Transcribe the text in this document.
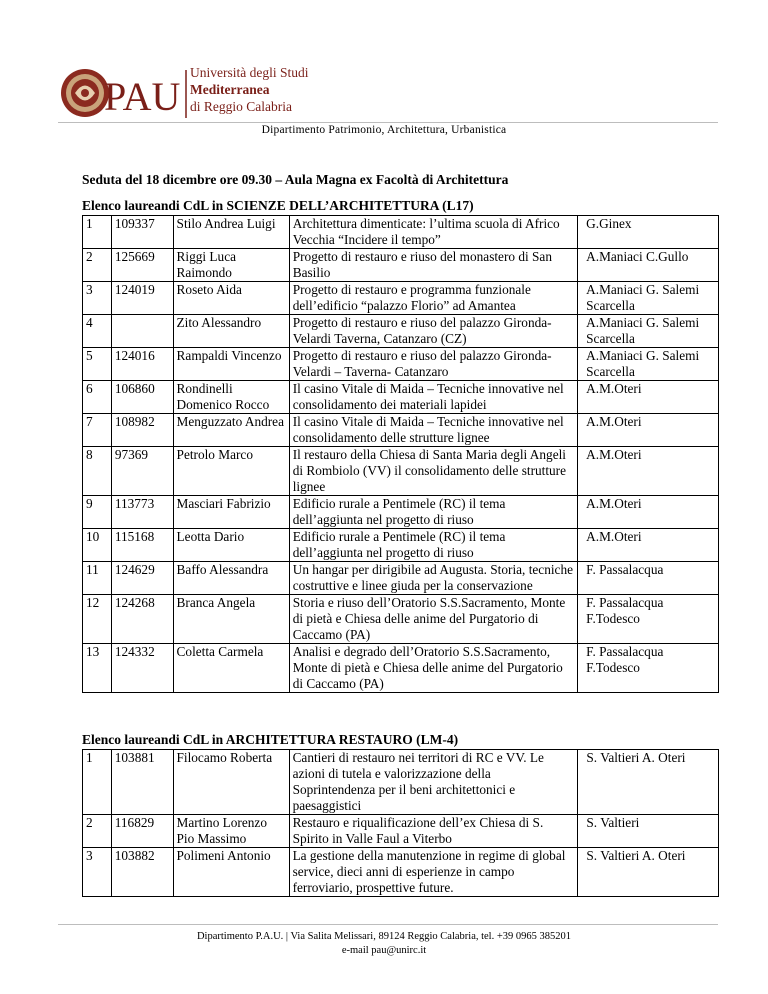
PAU
Università degli Studi
Mediterranea
di Reggio Calabria
Dipartimento Patrimonio, Architettura, Urbanistica
Seduta del 18 dicembre ore 09.30 – Aula Magna ex Facoltà di Architettura
Elenco laureandi CdL in SCIENZE DELL’ARCHITETTURA (L17)
1	109337	Stilo Andrea Luigi	Architettura dimenticate: l’ultima scuola di Africo Vecchia “Incidere il tempo”	G.Ginex
2	125669	Riggi Luca Raimondo	Progetto di restauro e riuso del monastero di San Basilio	A.Maniaci C.Gullo
3	124019	Roseto Aida	Progetto di restauro e programma funzionale dell’edificio “palazzo Florio” ad Amantea	A.Maniaci G. Salemi Scarcella
4		Zito Alessandro	Progetto di restauro e riuso del palazzo Gironda-Velardi Taverna, Catanzaro (CZ)	A.Maniaci G. Salemi Scarcella
5	124016	Rampaldi Vincenzo	Progetto di restauro e riuso del palazzo Gironda-Velardi – Taverna- Catanzaro	A.Maniaci G. Salemi Scarcella
6	106860	Rondinelli Domenico Rocco	Il casino Vitale di Maida – Tecniche innovative nel consolidamento dei materiali lapidei	A.M.Oteri
7	108982	Menguzzato Andrea	Il casino Vitale di Maida – Tecniche innovative nel consolidamento delle strutture lignee	A.M.Oteri
8	97369	Petrolo Marco	Il restauro della Chiesa di Santa Maria degli Angeli di Rombiolo (VV) il consolidamento delle strutture lignee	A.M.Oteri
9	113773	Masciari Fabrizio	Edificio rurale a Pentimele (RC) il tema dell’aggiunta nel progetto di riuso	A.M.Oteri
10	115168	Leotta Dario	Edificio rurale a Pentimele (RC) il tema dell’aggiunta nel progetto di riuso	A.M.Oteri
11	124629	Baffo Alessandra	Un hangar per dirigibile ad Augusta. Storia, tecniche costruttive e linee giuda per la conservazione	F. Passalacqua
12	124268	Branca Angela	Storia e riuso dell’Oratorio S.S.Sacramento, Monte di pietà e Chiesa delle anime del Purgatorio di Caccamo (PA)	F. Passalacqua F.Todesco
13	124332	Coletta Carmela	Analisi e degrado dell’Oratorio S.S.Sacramento, Monte di pietà e Chiesa delle anime del Purgatorio di Caccamo (PA)	F. Passalacqua F.Todesco
Elenco laureandi CdL in ARCHITETTURA RESTAURO (LM-4)
1	103881	Filocamo Roberta	Cantieri di restauro nei territori di RC e VV. Le azioni di tutela e valorizzazione della Soprintendenza per il beni architettonici e paesaggistici	S. Valtieri A. Oteri
2	116829	Martino Lorenzo Pio Massimo	Restauro e riqualificazione dell’ex Chiesa di S. Spirito in Valle Faul a Viterbo	S. Valtieri
3	103882	Polimeni Antonio	La gestione della manutenzione in regime di global service, dieci anni di esperienze in campo ferroviario, prospettive future.	S. Valtieri A. Oteri
Dipartimento P.A.U. | Via Salita Melissari, 89124 Reggio Calabria, tel. +39 0965 385201
e-mail pau@unirc.it
